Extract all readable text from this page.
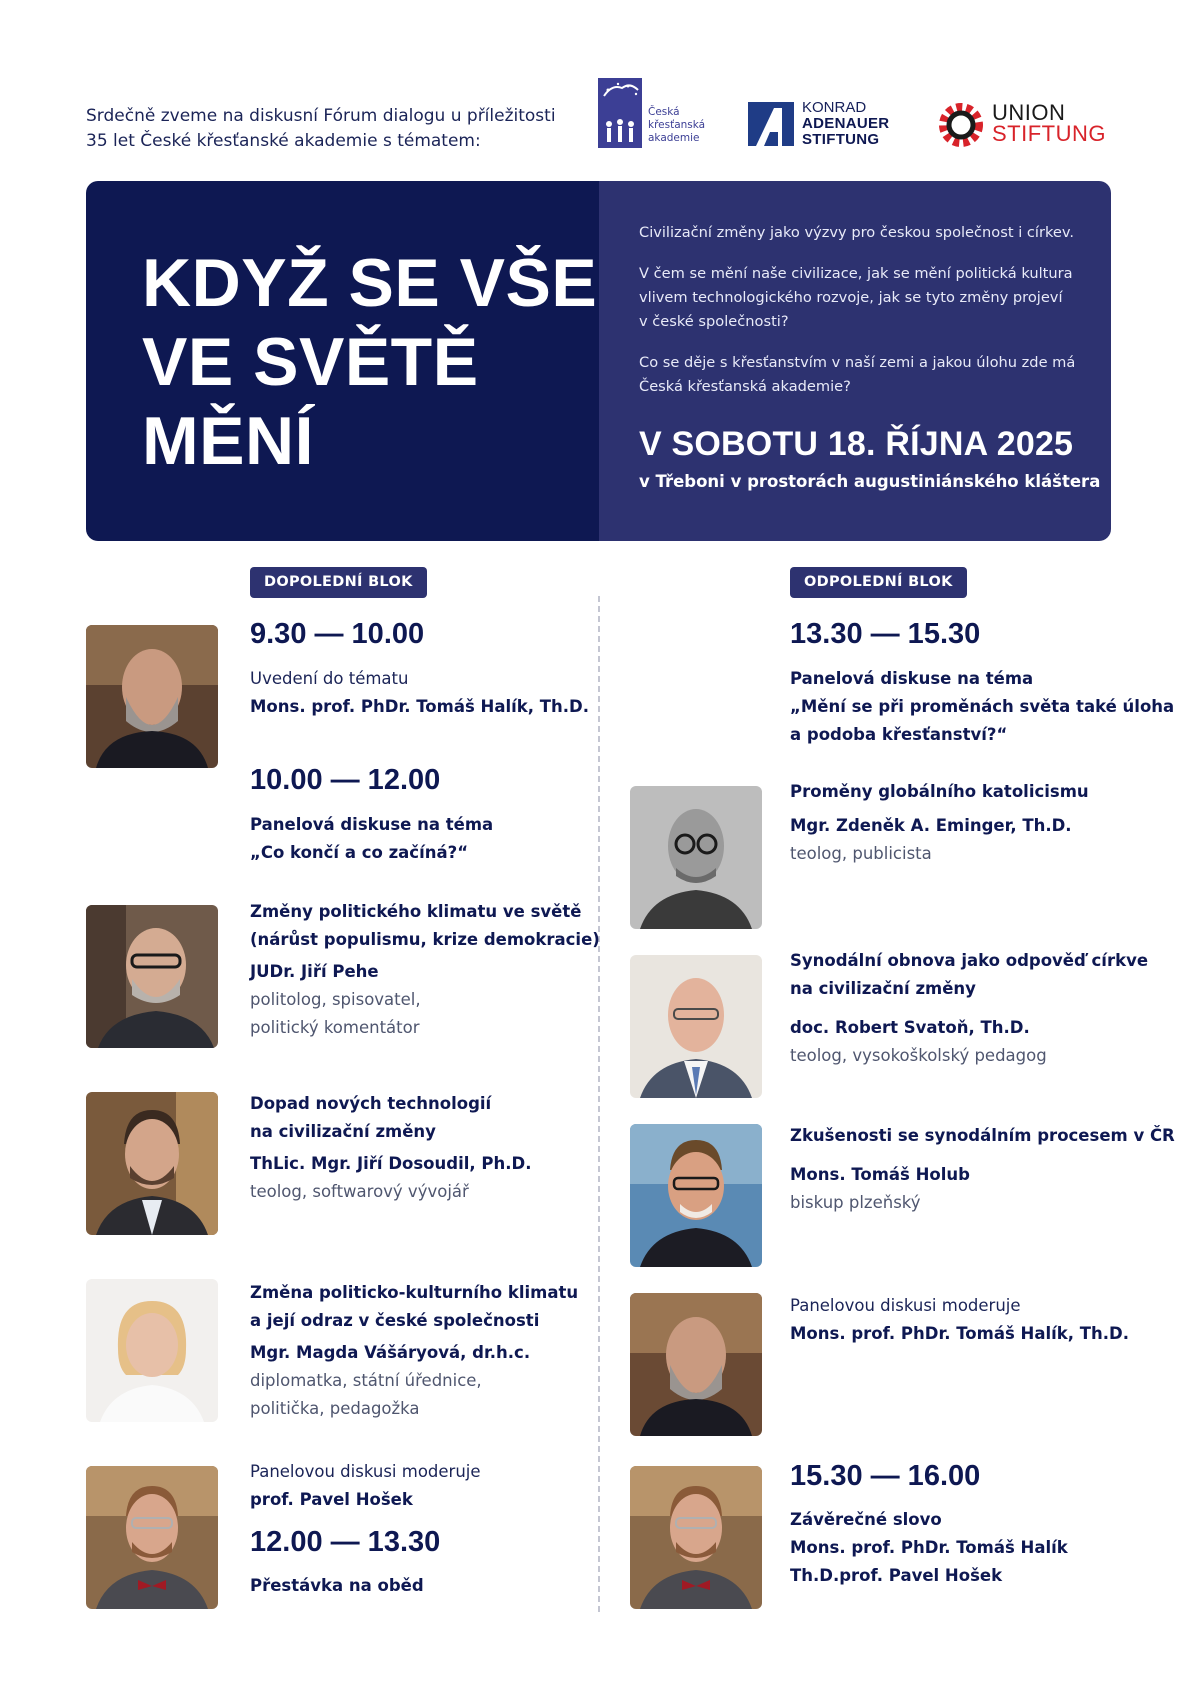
Srdečně zveme na diskusní Fórum dialogu u příležitosti
35 let České křesťanské akademie s tématem:
Česká
křesťanská
akademie
KONRAD
ADENAUER
STIFTUNG
UNION
STIFTUNG
KDYŽ SE VŠE
VE SVĚTĚ
MĚNÍ
Civilizační změny jako výzvy pro českou společnost i církev.
V čem se mění naše civilizace, jak se mění politická kultura
vlivem technologického rozvoje, jak se tyto změny projeví
v české společnosti?
Co se děje s křesťanstvím v naší zemi a jakou úlohu zde má
Česká křesťanská akademie?
V SOBOTU 18. ŘÍJNA 2025
v Třeboni v prostorách augustiniánského kláštera
DOPOLEDNÍ BLOK
9.30 — 10.00
Uvedení do tématu
Mons. prof. PhDr. Tomáš Halík, Th.D.
10.00 — 12.00
Panelová diskuse na téma
„Co končí a co začíná?“
Změny politického klimatu ve světě
(nárůst populismu, krize demokracie)
JUDr. Jiří Pehe
politolog, spisovatel,
politický komentátor
Dopad nových technologií
na civilizační změny
ThLic. Mgr. Jiří Dosoudil, Ph.D.
teolog, softwarový vývojář
Změna politicko-kulturního klimatu
a její odraz v české společnosti
Mgr. Magda Vášáryová, dr.h.c.
diplomatka, státní úřednice,
politička, pedagožka
Panelovou diskusi moderuje
prof. Pavel Hošek
12.00 — 13.30
Přestávka na oběd
ODPOLEDNÍ BLOK
13.30 — 15.30
Panelová diskuse na téma
„Mění se při proměnách světa také úloha
a podoba křesťanství?“
Proměny globálního katolicismu
Mgr. Zdeněk A. Eminger, Th.D.
teolog, publicista
Synodální obnova jako odpověď církve
na civilizační změny
doc. Robert Svatoň, Th.D.
teolog, vysokoškolský pedagog
Zkušenosti se synodálním procesem v ČR
Mons. Tomáš Holub
biskup plzeňský
Panelovou diskusi moderuje
Mons. prof. PhDr. Tomáš Halík, Th.D.
15.30 — 16.00
Závěrečné slovo
Mons. prof. PhDr. Tomáš Halík
Th.D.prof. Pavel Hošek
